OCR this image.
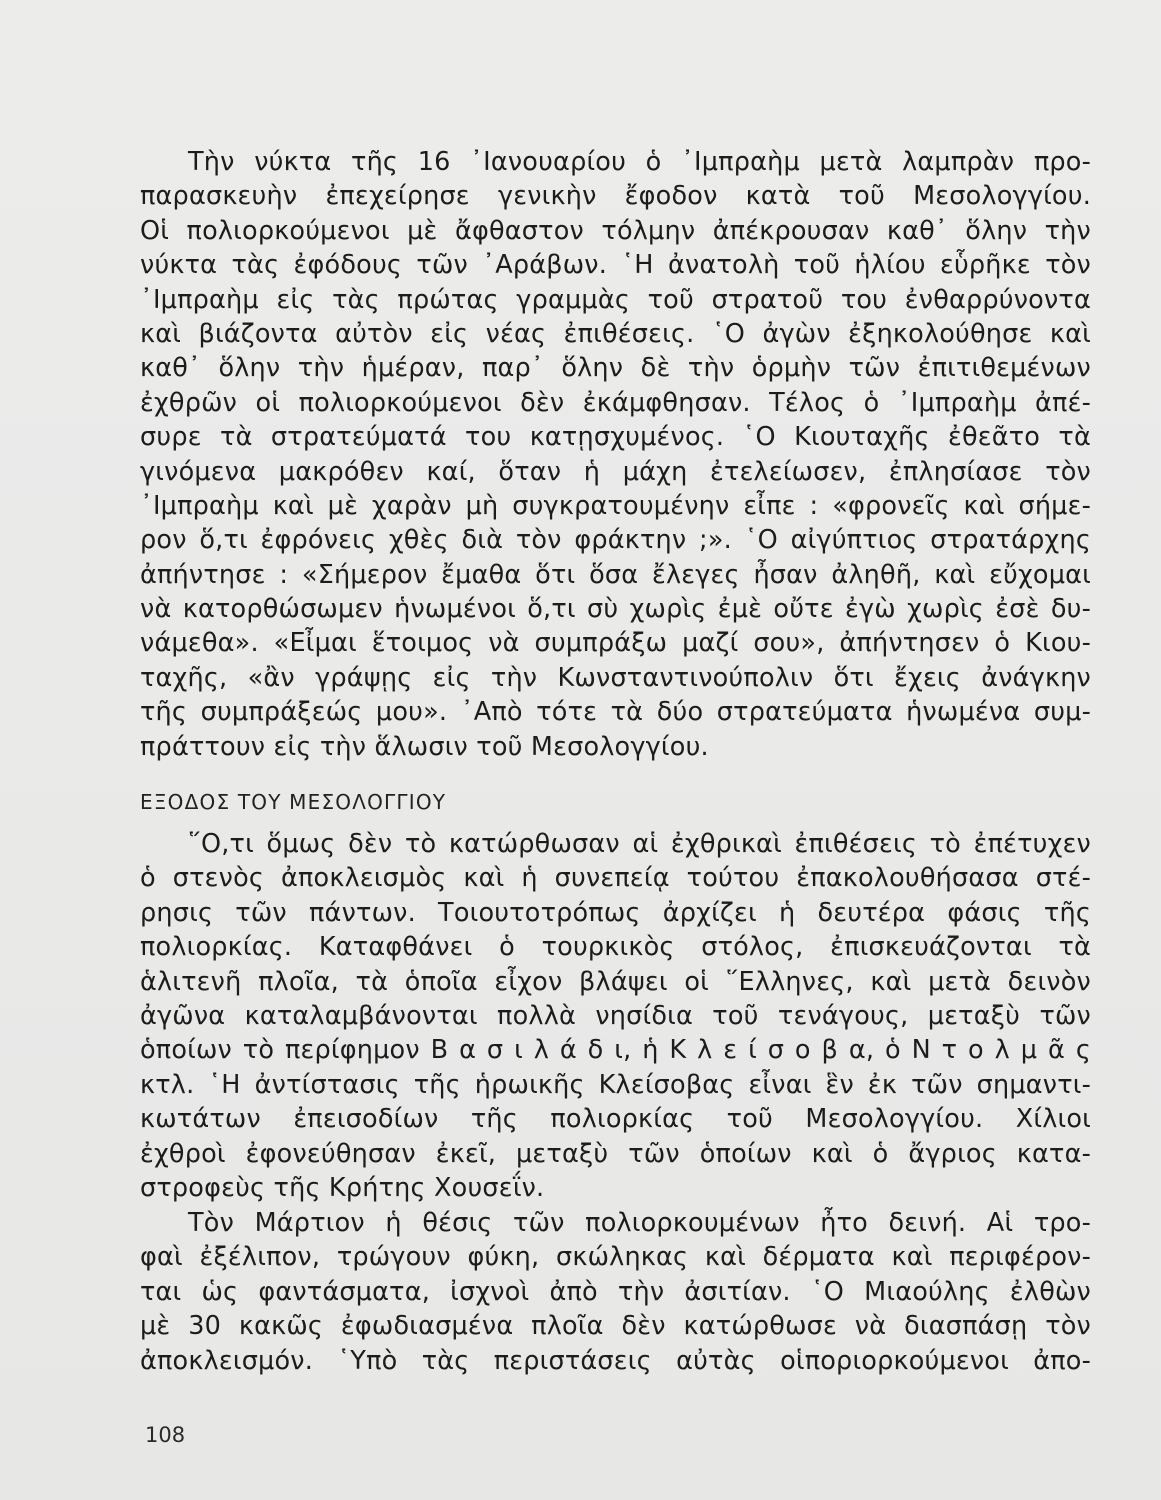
Τὴν νύκτα τῆς 16 ᾿Ιανουαρίου ὁ ᾿Ιμπραὴμ μετὰ λαμπρὰν προ-
παρασκευὴν ἐπεχείρησε γενικὴν ἔφοδον κατὰ τοῦ Μεσολογγίου.
Οἱ πολιορκούμενοι μὲ ἄφθαστον τόλμην ἀπέκρουσαν καθ᾿ ὅλην τὴν
νύκτα τὰς ἐφόδους τῶν ᾿Αράβων. ῾Η ἀνατολὴ τοῦ ἡλίου εὗρῆκε τὸν
᾿Ιμπραὴμ εἰς τὰς πρώτας γραμμὰς τοῦ στρατοῦ του ἐνθαρρύνοντα
καὶ βιάζοντα αὐτὸν εἰς νέας ἐπιθέσεις. ῾Ο ἀγὼν ἐξηκολούθησε καὶ
καθ᾿ ὅλην τὴν ἡμέραν, παρ᾿ ὅλην δὲ τὴν ὁρμὴν τῶν ἐπιτιθεμένων
ἐχθρῶν οἱ πολιορκούμενοι δὲν ἐκάμφθησαν. Τέλος ὁ ᾿Ιμπραὴμ ἀπέ-
συρε τὰ στρατεύματά του κατῃσχυμένος. ῾Ο Κιουταχῆς ἐθεᾶτο τὰ
γινόμενα μακρόθεν καί, ὅταν ἡ μάχη ἐτελείωσεν, ἐπλησίασε τὸν
᾿Ιμπραὴμ καὶ μὲ χαρὰν μὴ συγκρατουμένην εἶπε : «φρονεῖς καὶ σήμε-
ρον ὅ,τι ἐφρόνεις χθὲς διὰ τὸν φράκτην ;». ῾Ο αἰγύπτιος στρατάρχης
ἀπήντησε : «Σήμερον ἔμαθα ὅτι ὅσα ἔλεγες ἦσαν ἀληθῆ, καὶ εὔχομαι
νὰ κατορθώσωμεν ἡνωμένοι ὅ,τι σὺ χωρὶς ἐμὲ οὔτε ἐγὼ χωρὶς ἐσὲ δυ-
νάμεθα». «Εἶμαι ἕτοιμος νὰ συμπράξω μαζί σου», ἀπήντησεν ὁ Κιου-
ταχῆς, «ἂν γράψῃς εἰς τὴν Κωνσταντινούπολιν ὅτι ἔχεις ἀνάγκην
τῆς συμπράξεώς μου». ᾿Απὸ τότε τὰ δύο στρατεύματα ἡνωμένα συμ-
πράττουν εἰς τὴν ἅλωσιν τοῦ Μεσολογγίου.
ΕΞΟΔΟΣ ΤΟΥ ΜΕΣΟΛΟΓΓΙΟΥ
῞Ο,τι ὅμως δὲν τὸ κατώρθωσαν αἱ ἐχθρικαὶ ἐπιθέσεις τὸ ἐπέτυχεν
ὁ στενὸς ἀποκλεισμὸς καὶ ἡ συνεπείᾳ τούτου ἐπακολουθήσασα στέ-
ρησις τῶν πάντων. Τοιουτοτρόπως ἀρχίζει ἡ δευτέρα φάσις τῆς
πολιορκίας. Καταφθάνει ὁ τουρκικὸς στόλος, ἐπισκευάζονται τὰ
ἁλιτενῆ πλοῖα, τὰ ὁποῖα εἶχον βλάψει οἱ ῞Ελληνες, καὶ μετὰ δεινὸν
ἀγῶνα καταλαμβάνονται πολλὰ νησίδια τοῦ τενάγους, μεταξὺ τῶν
ὁποίων τὸ περίφημον Β α σ ι λ ά δ ι, ἡ Κ λ ε ί σ ο β α, ὁ Ν τ ο λ μ ᾶ ς
κτλ. ῾Η ἀντίστασις τῆς ἡρωικῆς Κλείσοβας εἶναι ἓν ἐκ τῶν σημαντι-
κωτάτων ἐπεισοδίων τῆς πολιορκίας τοῦ Μεσολογγίου. Χίλιοι
ἐχθροὶ ἐφονεύθησαν ἐκεῖ, μεταξὺ τῶν ὁποίων καὶ ὁ ἄγριος κατα-
στροφεὺς τῆς Κρήτης Χουσεΐν.
Τὸν Μάρτιον ἡ θέσις τῶν πολιορκουμένων ἦτο δεινή. Αἱ τρο-
φαὶ ἐξέλιπον, τρώγουν φύκη, σκώληκας καὶ δέρματα καὶ περιφέρον-
ται ὡς φαντάσματα, ἰσχνοὶ ἀπὸ τὴν ἀσιτίαν. ῾Ο Μιαούλης ἐλθὼν
μὲ 30 κακῶς ἐφωδιασμένα πλοῖα δὲν κατώρθωσε νὰ διασπάσῃ τὸν
ἀποκλεισμόν. ῾Υπὸ τὰς περιστάσεις αὐτὰς οἱποριορκούμενοι ἀπο-
108
